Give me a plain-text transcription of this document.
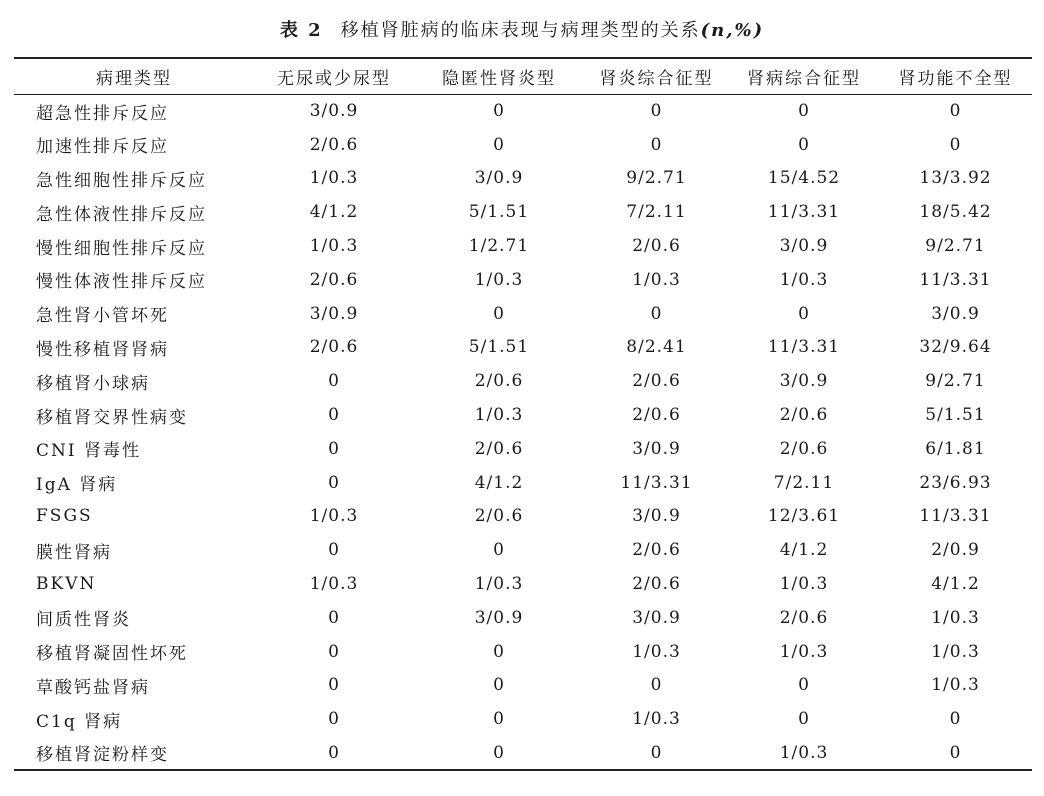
表 2 移植肾脏病的临床表现与病理类型的关系(n,%)
病理类型	无尿或少尿型	隐匿性肾炎型	肾炎综合征型	肾病综合征型	肾功能不全型
超急性排斥反应	3/0.9	0	0	0	0
加速性排斥反应	2/0.6	0	0	0	0
急性细胞性排斥反应	1/0.3	3/0.9	9/2.71	15/4.52	13/3.92
急性体液性排斥反应	4/1.2	5/1.51	7/2.11	11/3.31	18/5.42
慢性细胞性排斥反应	1/0.3	1/2.71	2/0.6	3/0.9	9/2.71
慢性体液性排斥反应	2/0.6	1/0.3	1/0.3	1/0.3	11/3.31
急性肾小管坏死	3/0.9	0	0	0	3/0.9
慢性移植肾肾病	2/0.6	5/1.51	8/2.41	11/3.31	32/9.64
移植肾小球病	0	2/0.6	2/0.6	3/0.9	9/2.71
移植肾交界性病变	0	1/0.3	2/0.6	2/0.6	5/1.51
CNI 肾毒性	0	2/0.6	3/0.9	2/0.6	6/1.81
IgA 肾病	0	4/1.2	11/3.31	7/2.11	23/6.93
FSGS	1/0.3	2/0.6	3/0.9	12/3.61	11/3.31
膜性肾病	0	0	2/0.6	4/1.2	2/0.9
BKVN	1/0.3	1/0.3	2/0.6	1/0.3	4/1.2
间质性肾炎	0	3/0.9	3/0.9	2/0.6	1/0.3
移植肾凝固性坏死	0	0	1/0.3	1/0.3	1/0.3
草酸钙盐肾病	0	0	0	0	1/0.3
C1q 肾病	0	0	1/0.3	0	0
移植肾淀粉样变	0	0	0	1/0.3	0
